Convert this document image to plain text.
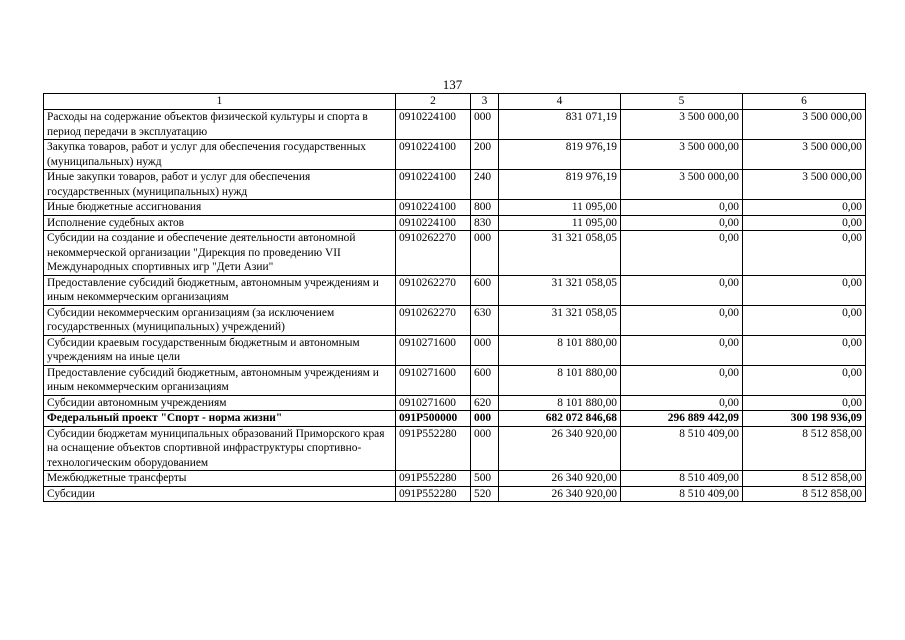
137
1	2	3	4	5	6
Расходы на содержание объектов физической культуры и спорта в период передачи в эксплуатацию	0910224100	000	831 071,19	3 500 000,00	3 500 000,00
Закупка товаров, работ и услуг для обеспечения государственных (муниципальных) нужд	0910224100	200	819 976,19	3 500 000,00	3 500 000,00
Иные закупки товаров, работ и услуг для обеспечения государственных (муниципальных) нужд	0910224100	240	819 976,19	3 500 000,00	3 500 000,00
Иные бюджетные ассигнования	0910224100	800	11 095,00	0,00	0,00
Исполнение судебных актов	0910224100	830	11 095,00	0,00	0,00
Субсидии на создание и обеспечение деятельности автономной некоммерческой организации "Дирекция по проведению VII Международных спортивных игр "Дети Азии"	0910262270	000	31 321 058,05	0,00	0,00
Предоставление субсидий бюджетным, автономным учреждениям и иным некоммерческим организациям	0910262270	600	31 321 058,05	0,00	0,00
Субсидии некоммерческим организациям (за исключением государственных (муниципальных) учреждений)	0910262270	630	31 321 058,05	0,00	0,00
Субсидии краевым государственным бюджетным и автономным учреждениям на иные цели	0910271600	000	8 101 880,00	0,00	0,00
Предоставление субсидий бюджетным, автономным учреждениям и иным некоммерческим организациям	0910271600	600	8 101 880,00	0,00	0,00
Субсидии автономным учреждениям	0910271600	620	8 101 880,00	0,00	0,00
Федеральный проект "Спорт - норма жизни"	091P500000	000	682 072 846,68	296 889 442,09	300 198 936,09
Субсидии бюджетам муниципальных образований Приморского края на оснащение объектов спортивной инфраструктуры спортивно-технологическим оборудованием	091P552280	000	26 340 920,00	8 510 409,00	8 512 858,00
Межбюджетные трансферты	091P552280	500	26 340 920,00	8 510 409,00	8 512 858,00
Субсидии	091P552280	520	26 340 920,00	8 510 409,00	8 512 858,00
